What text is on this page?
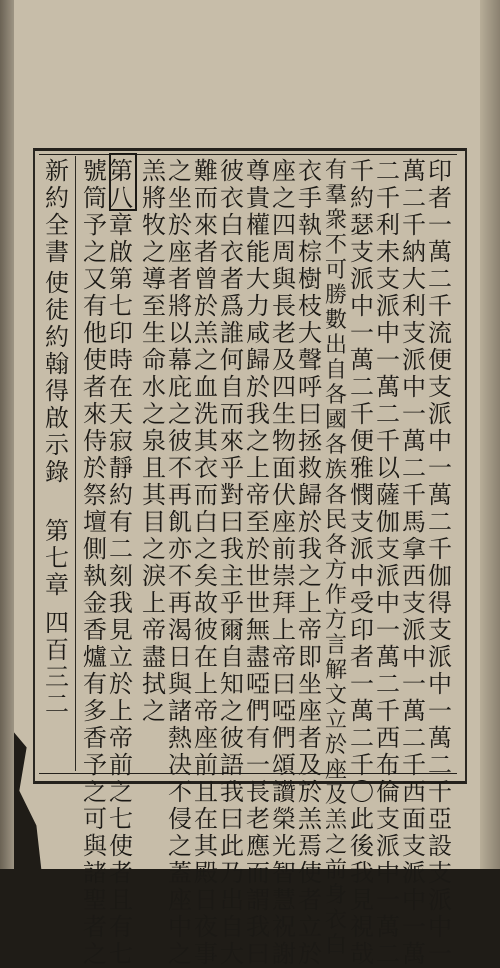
新約全書
使徒約翰得啟示錄
第七章
四百三二
印者一萬二千流便支派中一萬二千伽得支派中一萬二千亞設支派中一
萬二千納大利支派中一萬二千馬拿西支派中一萬二千西面支派中一萬
二千利未支派中一萬二千以薩伽支派中一萬二千西布倫支派中一萬二
千約瑟支派中一萬二千便雅憫支派中受印者一萬二千〇此後我見視哉
有羣衆不可勝數出自各國各族各民各方作方言解文立於座及羔之前身衣白
衣手執棕樹枝大聲呼曰拯救歸於我之上帝即坐座者及於羔焉使者立於
座之四周與長老及四生物面伏座前崇拜上帝曰啞們頌讚榮光智慧祝謝
尊貴權能大力咸歸於我之上帝至於世世無盡啞們有一長老應而謂我曰
彼衣白衣者爲誰何自而來乎對曰我主乎爾自知之彼語我曰此乃出自大
難而來者曾於羔之血洗其衣而白之矣故彼在上帝座前且在其殿日夜事
之坐於座者將以幕庇之彼不再飢亦不再渴日與諸熱决不侵之蓋座中之
羔將牧之導至生命水之泉且其目之淚上帝盡拭之
第八章啟第七印時在天寂靜約有二刻我見立於上帝前之七使者且有七
號筒予之又有他使者來侍於祭壇側執金香爐有多香予之可與諸聖者之
